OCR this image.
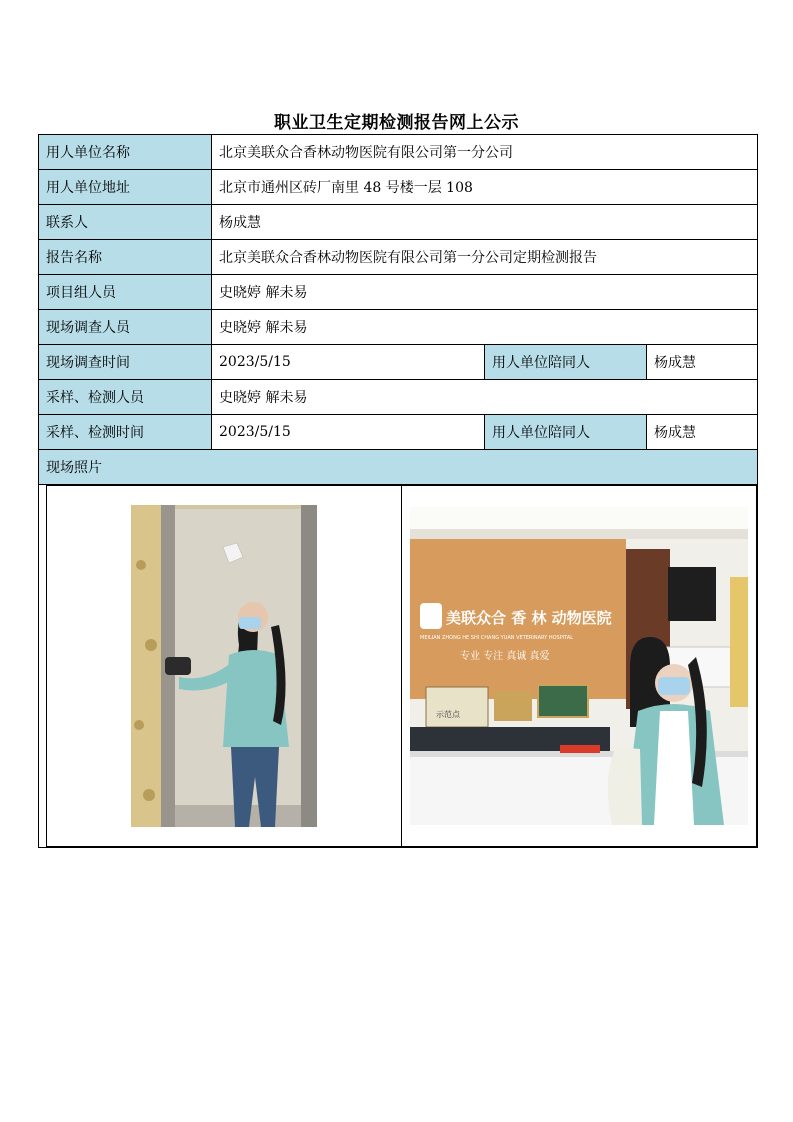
职业卫生定期检测报告网上公示
用人单位名称	北京美联众合香林动物医院有限公司第一分公司
用人单位地址	北京市通州区砖厂南里 48 号楼一层 108
联系人	杨成慧
报告名称	北京美联众合香林动物医院有限公司第一分公司定期检测报告
项目组人员	史晓婷 解未易
现场调查人员	史晓婷 解未易
现场调查时间	2023/5/15	用人单位陪同人	杨成慧
采样、检测人员	史晓婷 解未易
采样、检测时间	2023/5/15	用人单位陪同人	杨成慧
现场照片

美联众合 香 林 动物医院
MEILIAN ZHONG HE SHI CHANG YUAN VETERINARY HOSPITAL
专业 专注 真诚 真爱
示范点
